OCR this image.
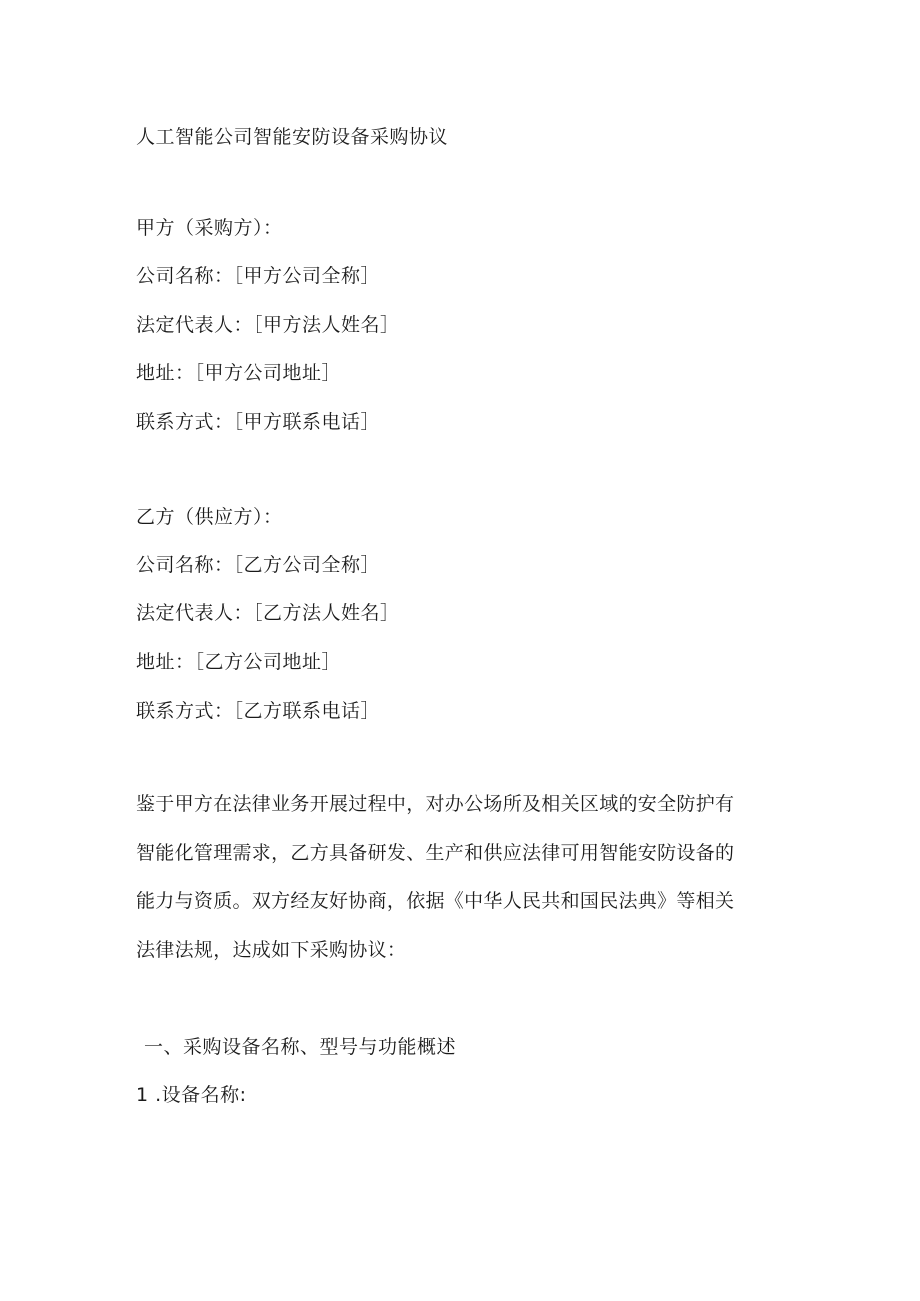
人工智能公司智能安防设备采购协议
甲方（采购方）：
公司名称：［甲方公司全称］
法定代表人：［甲方法人姓名］
地址：［甲方公司地址］
联系方式：［甲方联系电话］
乙方（供应方）：
公司名称：［乙方公司全称］
法定代表人：［乙方法人姓名］
地址：［乙方公司地址］
联系方式：［乙方联系电话］
鉴于甲方在法律业务开展过程中，对办公场所及相关区域的安全防护有
智能化管理需求，乙方具备研发、生产和供应法律可用智能安防设备的
能力与资质。双方经友好协商，依据《中华人民共和国民法典》等相关
法律法规，达成如下采购协议：
一、采购设备名称、型号与功能概述
1 .设备名称:
